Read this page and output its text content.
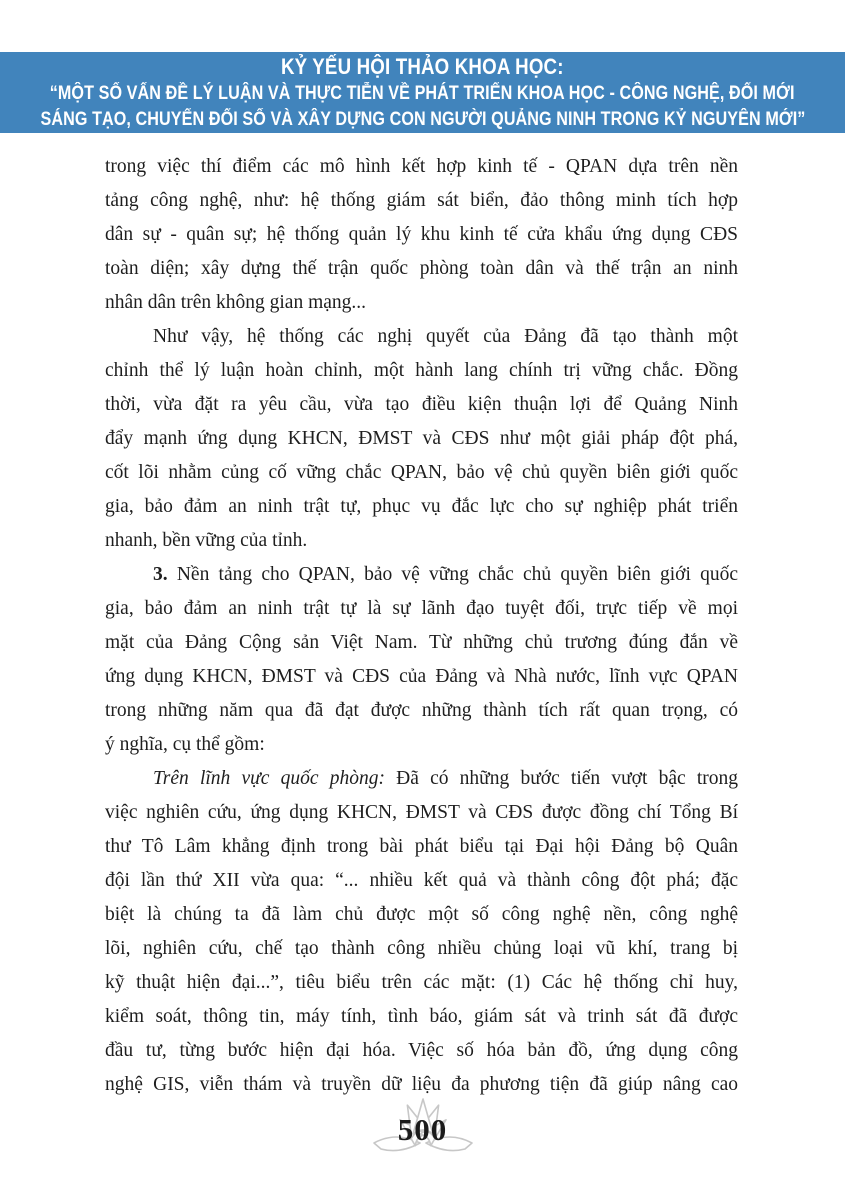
KỶ YẾU HỘI THẢO KHOA HỌC:
“MỘT SỐ VẤN ĐỀ LÝ LUẬN VÀ THỰC TIỄN VỀ PHÁT TRIỂN KHOA HỌC - CÔNG NGHỆ, ĐỔI MỚI
SÁNG TẠO, CHUYỂN ĐỔI SỐ VÀ XÂY DỰNG CON NGƯỜI QUẢNG NINH TRONG KỶ NGUYÊN MỚI”
trong việc thí điểm các mô hình kết hợp kinh tế - QPAN dựa trên nền
tảng công nghệ, như: hệ thống giám sát biển, đảo thông minh tích hợp
dân sự - quân sự; hệ thống quản lý khu kinh tế cửa khẩu ứng dụng CĐS
toàn diện; xây dựng thế trận quốc phòng toàn dân và thế trận an ninh
nhân dân trên không gian mạng...
Như vậy, hệ thống các nghị quyết của Đảng đã tạo thành một
chỉnh thể lý luận hoàn chỉnh, một hành lang chính trị vững chắc. Đồng
thời, vừa đặt ra yêu cầu, vừa tạo điều kiện thuận lợi để Quảng Ninh
đẩy mạnh ứng dụng KHCN, ĐMST và CĐS như một giải pháp đột phá,
cốt lõi nhằm củng cố vững chắc QPAN, bảo vệ chủ quyền biên giới quốc
gia, bảo đảm an ninh trật tự, phục vụ đắc lực cho sự nghiệp phát triển
nhanh, bền vững của tỉnh.
3. Nền tảng cho QPAN, bảo vệ vững chắc chủ quyền biên giới quốc
gia, bảo đảm an ninh trật tự là sự lãnh đạo tuyệt đối, trực tiếp về mọi
mặt của Đảng Cộng sản Việt Nam. Từ những chủ trương đúng đắn về
ứng dụng KHCN, ĐMST và CĐS của Đảng và Nhà nước, lĩnh vực QPAN
trong những năm qua đã đạt được những thành tích rất quan trọng, có
ý nghĩa, cụ thể gồm:
Trên lĩnh vực quốc phòng: Đã có những bước tiến vượt bậc trong
việc nghiên cứu, ứng dụng KHCN, ĐMST và CĐS được đồng chí Tổng Bí
thư Tô Lâm khẳng định trong bài phát biểu tại Đại hội Đảng bộ Quân
đội lần thứ XII vừa qua: “... nhiều kết quả và thành công đột phá; đặc
biệt là chúng ta đã làm chủ được một số công nghệ nền, công nghệ
lõi, nghiên cứu, chế tạo thành công nhiều chủng loại vũ khí, trang bị
kỹ thuật hiện đại...”, tiêu biểu trên các mặt: (1) Các hệ thống chỉ huy,
kiểm soát, thông tin, máy tính, tình báo, giám sát và trinh sát đã được
đầu tư, từng bước hiện đại hóa. Việc số hóa bản đồ, ứng dụng công
nghệ GIS, viễn thám và truyền dữ liệu đa phương tiện đã giúp nâng cao
500
